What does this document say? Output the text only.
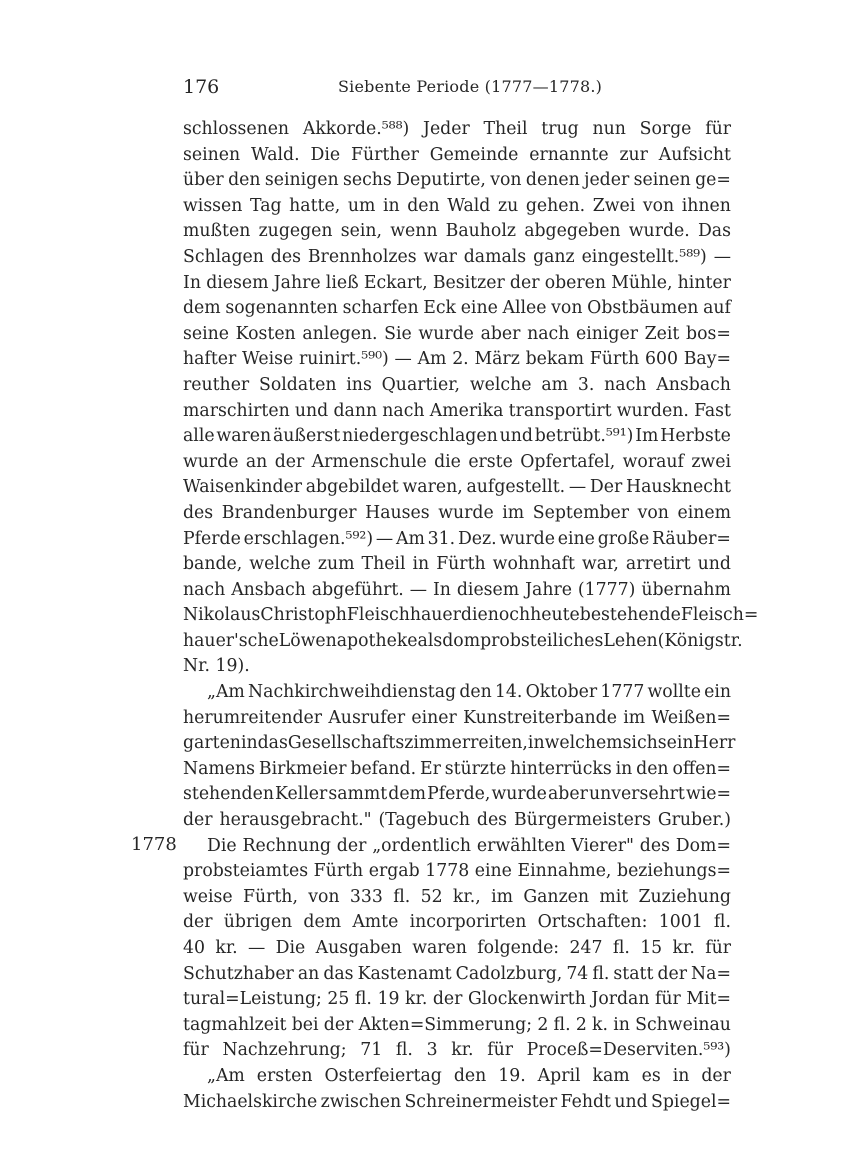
176	Siebente Periode (1777—1778.)
1778
schlossenen Akkorde.⁵⁸⁸) Jeder Theil trug nun Sorge für
seinen Wald. Die Fürther Gemeinde ernannte zur Aufsicht
über den seinigen sechs Deputirte, von denen jeder seinen ge=
wissen Tag hatte, um in den Wald zu gehen. Zwei von ihnen
mußten zugegen sein, wenn Bauholz abgegeben wurde. Das
Schlagen des Brennholzes war damals ganz eingestellt.⁵⁸⁹) —
In diesem Jahre ließ Eckart, Besitzer der oberen Mühle, hinter
dem sogenannten scharfen Eck eine Allee von Obstbäumen auf
seine Kosten anlegen. Sie wurde aber nach einiger Zeit bos=
hafter Weise ruinirt.⁵⁹⁰) — Am 2. März bekam Fürth 600 Bay=
reuther Soldaten ins Quartier, welche am 3. nach Ansbach
marschirten und dann nach Amerika transportirt wurden. Fast
alle waren äußerst niedergeschlagen und betrübt.⁵⁹¹) Im Herbste
wurde an der Armenschule die erste Opfertafel, worauf zwei
Waisenkinder abgebildet waren, aufgestellt. — Der Hausknecht
des Brandenburger Hauses wurde im September von einem
Pferde erschlagen.⁵⁹²) — Am 31. Dez. wurde eine große Räuber=
bande, welche zum Theil in Fürth wohnhaft war, arretirt und
nach Ansbach abgeführt. — In diesem Jahre (1777) übernahm
Nikolaus Christoph Fleischhauer die noch heute bestehende Fleisch=
hauer'sche Löwenapotheke als domprobsteiliches Lehen (Königstr.
Nr. 19).
„Am Nachkirchweihdienstag den 14. Oktober 1777 wollte ein
herumreitender Ausrufer einer Kunstreiterbande im Weißen=
garten in das Gesellschaftszimmer reiten, in welchem sich sein Herr
Namens Birkmeier befand. Er stürzte hinterrücks in den offen=
stehenden Keller sammt dem Pferde, wurde aber unversehrt wie=
der herausgebracht." (Tagebuch des Bürgermeisters Gruber.)
Die Rechnung der „ordentlich erwählten Vierer" des Dom=
probsteiamtes Fürth ergab 1778 eine Einnahme, beziehungs=
weise Fürth, von 333 fl. 52 kr., im Ganzen mit Zuziehung
der übrigen dem Amte incorporirten Ortschaften: 1001 fl.
40 kr. — Die Ausgaben waren folgende: 247 fl. 15 kr. für
Schutzhaber an das Kastenamt Cadolzburg, 74 fl. statt der Na=
tural=Leistung; 25 fl. 19 kr. der Glockenwirth Jordan für Mit=
tagmahlzeit bei der Akten=Simmerung; 2 fl. 2 k. in Schweinau
für Nachzehrung; 71 fl. 3 kr. für Proceß=Deserviten.⁵⁹³)
„Am ersten Osterfeiertag den 19. April kam es in der
Michaelskirche zwischen Schreinermeister Fehdt und Spiegel=
